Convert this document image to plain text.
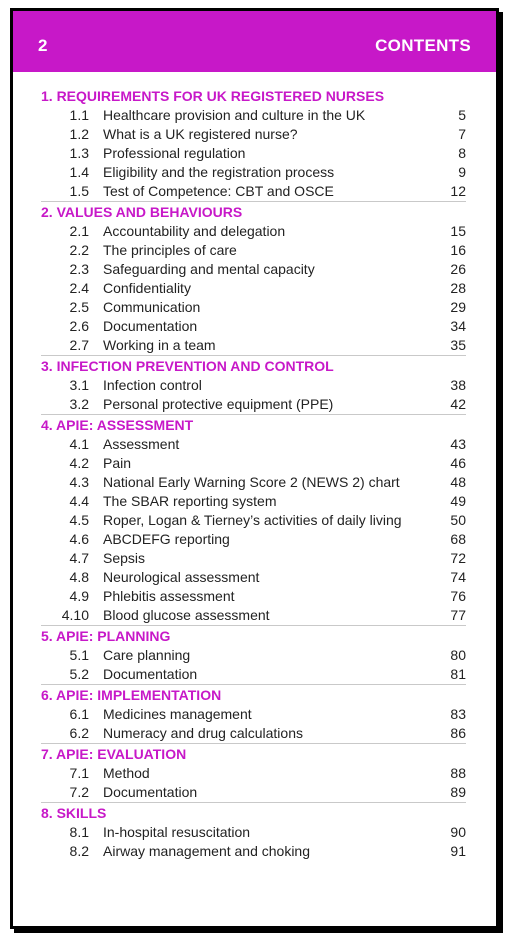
2	CONTENTS
1. REQUIREMENTS FOR UK REGISTERED NURSES
1.1	Healthcare provision and culture in the UK	5
1.2	What is a UK registered nurse?	7
1.3	Professional regulation	8
1.4	Eligibility and the registration process	9
1.5	Test of Competence: CBT and OSCE	12
2. VALUES AND BEHAVIOURS
2.1	Accountability and delegation	15
2.2	The principles of care	16
2.3	Safeguarding and mental capacity	26
2.4	Confidentiality	28
2.5	Communication	29
2.6	Documentation	34
2.7	Working in a team	35
3. INFECTION PREVENTION AND CONTROL
3.1	Infection control	38
3.2	Personal protective equipment (PPE)	42
4. APIE: ASSESSMENT
4.1	Assessment	43
4.2	Pain	46
4.3	National Early Warning Score 2 (NEWS 2) chart	48
4.4	The SBAR reporting system	49
4.5	Roper, Logan & Tierney’s activities of daily living	50
4.6	ABCDEFG reporting	68
4.7	Sepsis	72
4.8	Neurological assessment	74
4.9	Phlebitis assessment	76
4.10	Blood glucose assessment	77
5. APIE: PLANNING
5.1	Care planning	80
5.2	Documentation	81
6. APIE: IMPLEMENTATION
6.1	Medicines management	83
6.2	Numeracy and drug calculations	86
7. APIE: EVALUATION
7.1	Method	88
7.2	Documentation	89
8. SKILLS
8.1	In-hospital resuscitation	90
8.2	Airway management and choking	91
